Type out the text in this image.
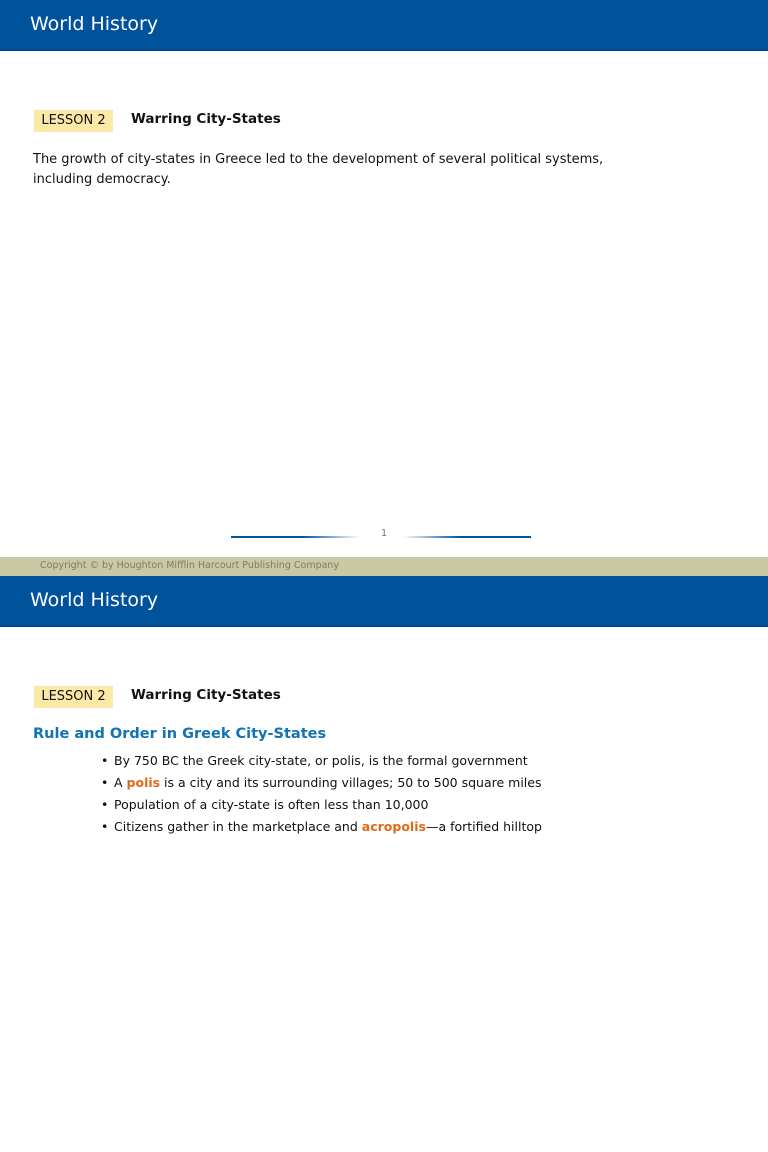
World History
LESSON 2	Warring City-States
The growth of city-states in Greece led to the development of several political systems, including democracy.
1
Copyright © by Houghton Mifflin Harcourt Publishing Company
World History
LESSON 2	Warring City-States
Rule and Order in Greek City-States
• By 750 BC the Greek city-state, or polis, is the formal government
• A polis is a city and its surrounding villages; 50 to 500 square miles
• Population of a city-state is often less than 10,000
• Citizens gather in the marketplace and acropolis—a fortified hilltop
